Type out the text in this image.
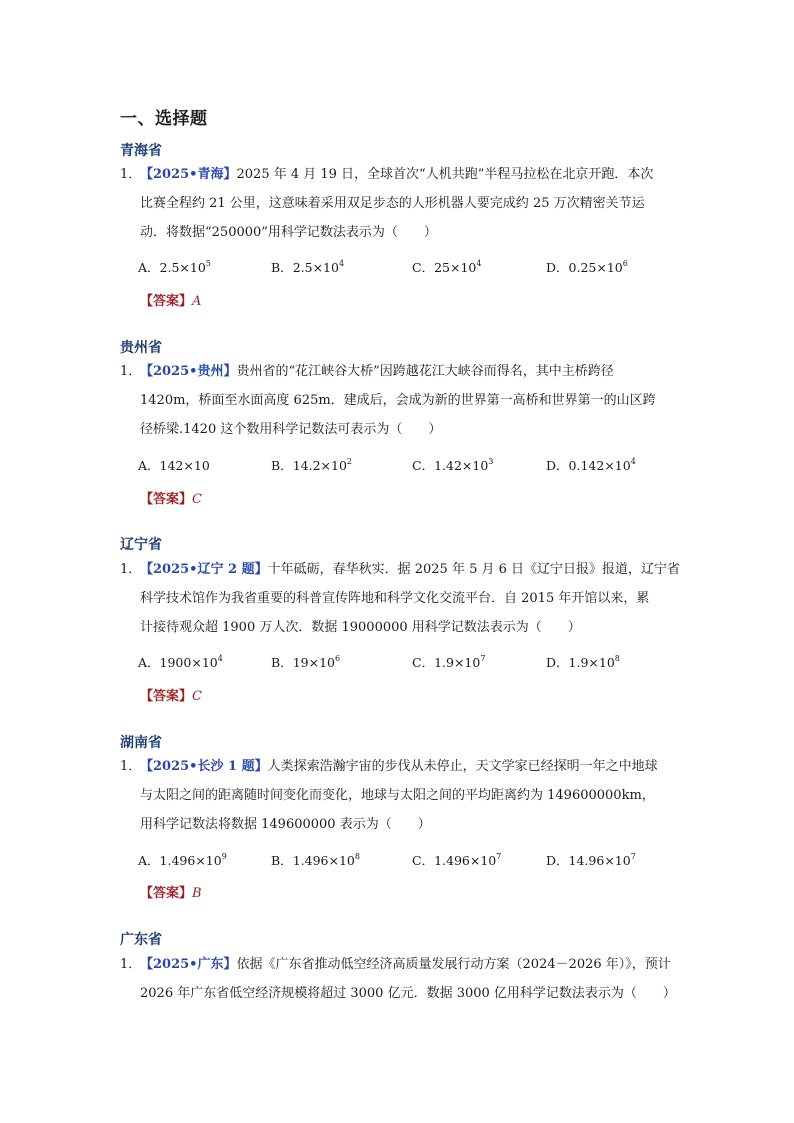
一、选择题
青海省
1．【2025•青海】2025 年 4 月 19 日，全球首次“人机共跑”半程马拉松在北京开跑．本次
比赛全程约 21 公里，这意味着采用双足步态的人形机器人要完成约 25 万次精密关节运
动．将数据“250000”用科学记数法表示为（　　）
A．$2.5\times 10^5$	B．$2.5\times 10^4$	C．$25\times 10^4$	D．$0.25\times 10^6$
【答案】A
贵州省
1．【2025•贵州】贵州省的“花江峡谷大桥”因跨越花江大峡谷而得名，其中主桥跨径
1420m，桥面至水面高度 625m．建成后，会成为新的世界第一高桥和世界第一的山区跨
径桥梁.1420 这个数用科学记数法可表示为（　　）
A．142×10	B．$14.2\times 10^2$	C．$1.42\times 10^3$	D．$0.142\times 10^4$
【答案】C
辽宁省
1．【2025•辽宁 2 题】十年砥砺，春华秋实．据 2025 年 5 月 6 日《辽宁日报》报道，辽宁省
科学技术馆作为我省重要的科普宣传阵地和科学文化交流平台．自 2015 年开馆以来，累
计接待观众超 1900 万人次．数据 19000000 用科学记数法表示为（　　）
A．$1900\times 10^4$	B．$19\times 10^6$	C．$1.9\times 10^7$	D．$1.9\times 10^8$
【答案】C
湖南省
1．【2025•长沙 1 题】人类探索浩瀚宇宙的步伐从未停止，天文学家已经探明一年之中地球
与太阳之间的距离随时间变化而变化，地球与太阳之间的平均距离约为 149600000km，
用科学记数法将数据 149600000 表示为（　　）
A．$1.496\times 10^9$	B．$1.496\times 10^8$	C．$1.496\times 10^7$	D．$14.96\times 10^7$
【答案】B
广东省
1．【2025•广东】依据《广东省推动低空经济高质量发展行动方案（2024－2026 年）》，预计
2026 年广东省低空经济规模将超过 3000 亿元．数据 3000 亿用科学记数法表示为（　　）
